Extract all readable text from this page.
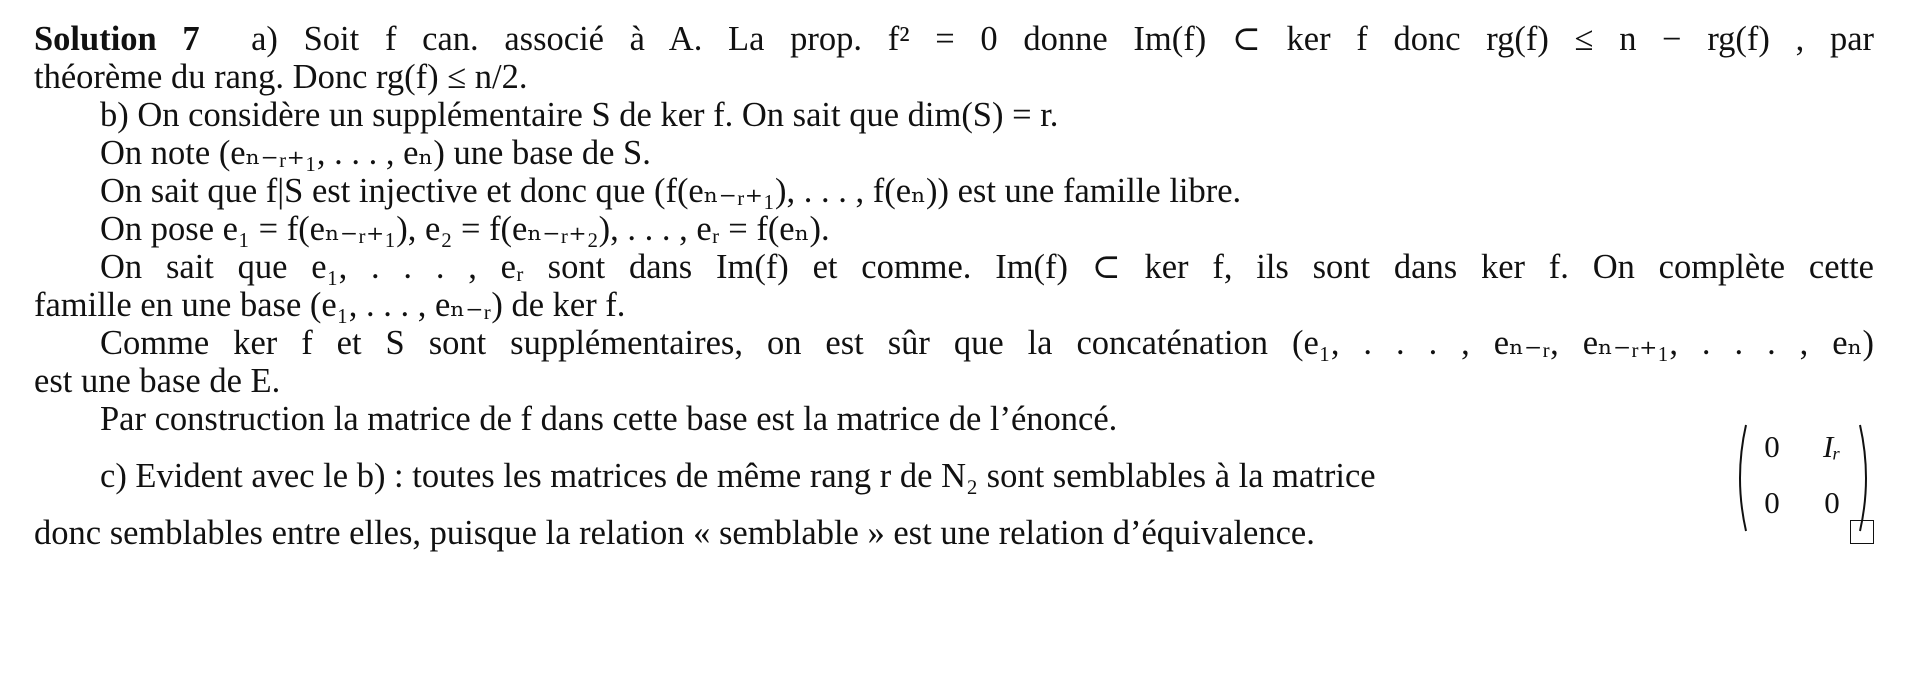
Solution 7 a) Soit f can. associé à A. La prop. f² = 0 donne Im(f) ⊂ ker f donc rg(f) ≤ n − rg(f) , par
théorème du rang. Donc rg(f) ≤ n/2.
b) On considère un supplémentaire S de ker f. On sait que dim(S) = r.
On note (eₙ₋ᵣ₊₁, . . . , eₙ) une base de S.
On sait que f|S est injective et donc que (f(eₙ₋ᵣ₊₁), . . . , f(eₙ)) est une famille libre.
On pose e₁ = f(eₙ₋ᵣ₊₁), e₂ = f(eₙ₋ᵣ₊₂), . . . , eᵣ = f(eₙ).
On sait que e₁, . . . , eᵣ sont dans Im(f) et comme. Im(f) ⊂ ker f, ils sont dans ker f. On complète cette
famille en une base (e₁, . . . , eₙ₋ᵣ) de ker f.
Comme ker f et S sont supplémentaires, on est sûr que la concaténation (e₁, . . . , eₙ₋ᵣ, eₙ₋ᵣ₊₁, . . . , eₙ)
est une base de E.
Par construction la matrice de f dans cette base est la matrice de l’énoncé.
c) Evident avec le b) : toutes les matrices de même rang r de N₂ sont semblables à la matrice
0	Iᵣ
0	0
donc semblables entre elles, puisque la relation « semblable » est une relation d’équivalence.
